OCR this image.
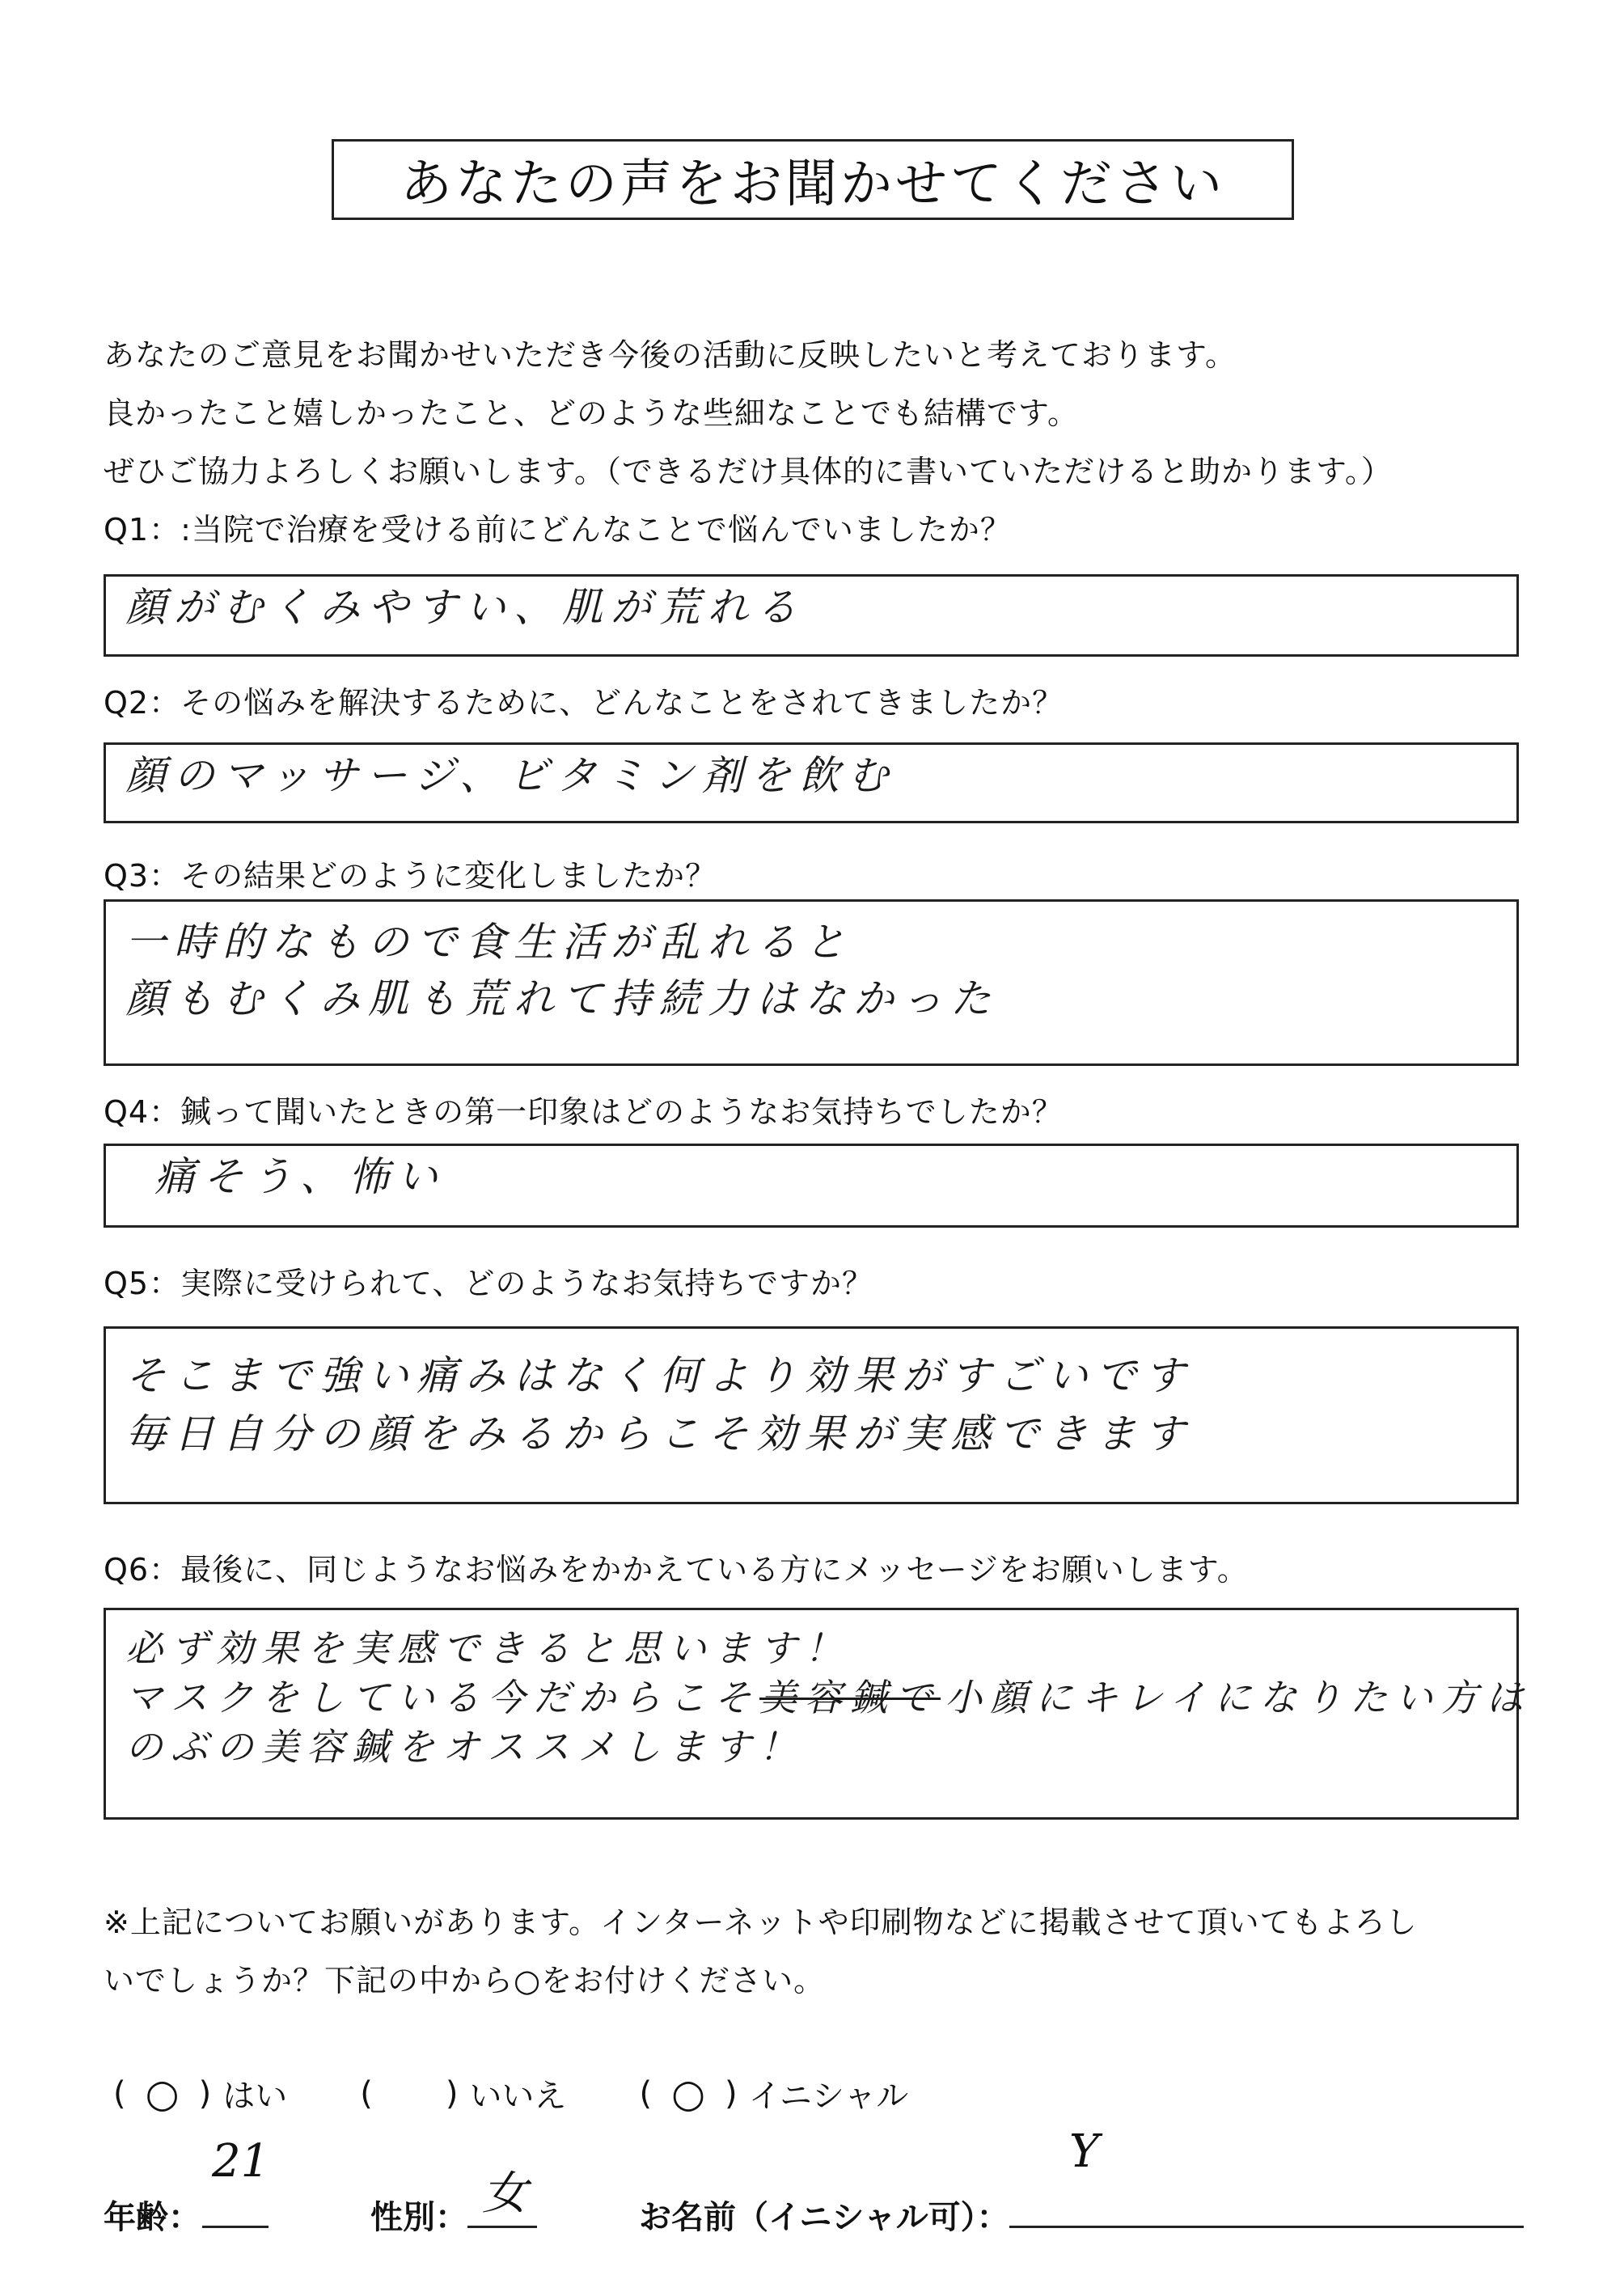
あなたの声をお聞かせてください
あなたのご意見をお聞かせいただき今後の活動に反映したいと考えております。
良かったこと嬉しかったこと、どのような些細なことでも結構です。
ぜひご協力よろしくお願いします。（できるだけ具体的に書いていただけると助かります。）
Q1：:当院で治療を受ける前にどんなことで悩んでいましたか？
顔がむくみやすい、肌が荒れる
Q2：その悩みを解決するために、どんなことをされてきましたか？
顔のマッサージ、ビタミン剤を飲む
Q3：その結果どのように変化しましたか？
一時的なもので食生活が乱れると
顔もむくみ肌も荒れて持続力はなかった
Q4：鍼って聞いたときの第一印象はどのようなお気持ちでしたか？
痛そう、怖い
Q5：実際に受けられて、どのようなお気持ちですか？
そこまで強い痛みはなく何より効果がすごいです
毎日自分の顔をみるからこそ効果が実感できます
Q6：最後に、同じようなお悩みをかかえている方にメッセージをお願いします。
必ず効果を実感できると思います！
マスクをしている今だからこそ美容鍼で 小顔にキレイになりたい方は
のぶの美容鍼をオススメします！
※上記についてお願いがあります。インターネットや印刷物などに掲載させて頂いてもよろし
いでしょうか？下記の中から○をお付けください。
( ○ ) はい ( ) いいえ ( ○ ) イニシャル
年齢：
21
性別： 女	お名前（イニシャル可）：
Y
